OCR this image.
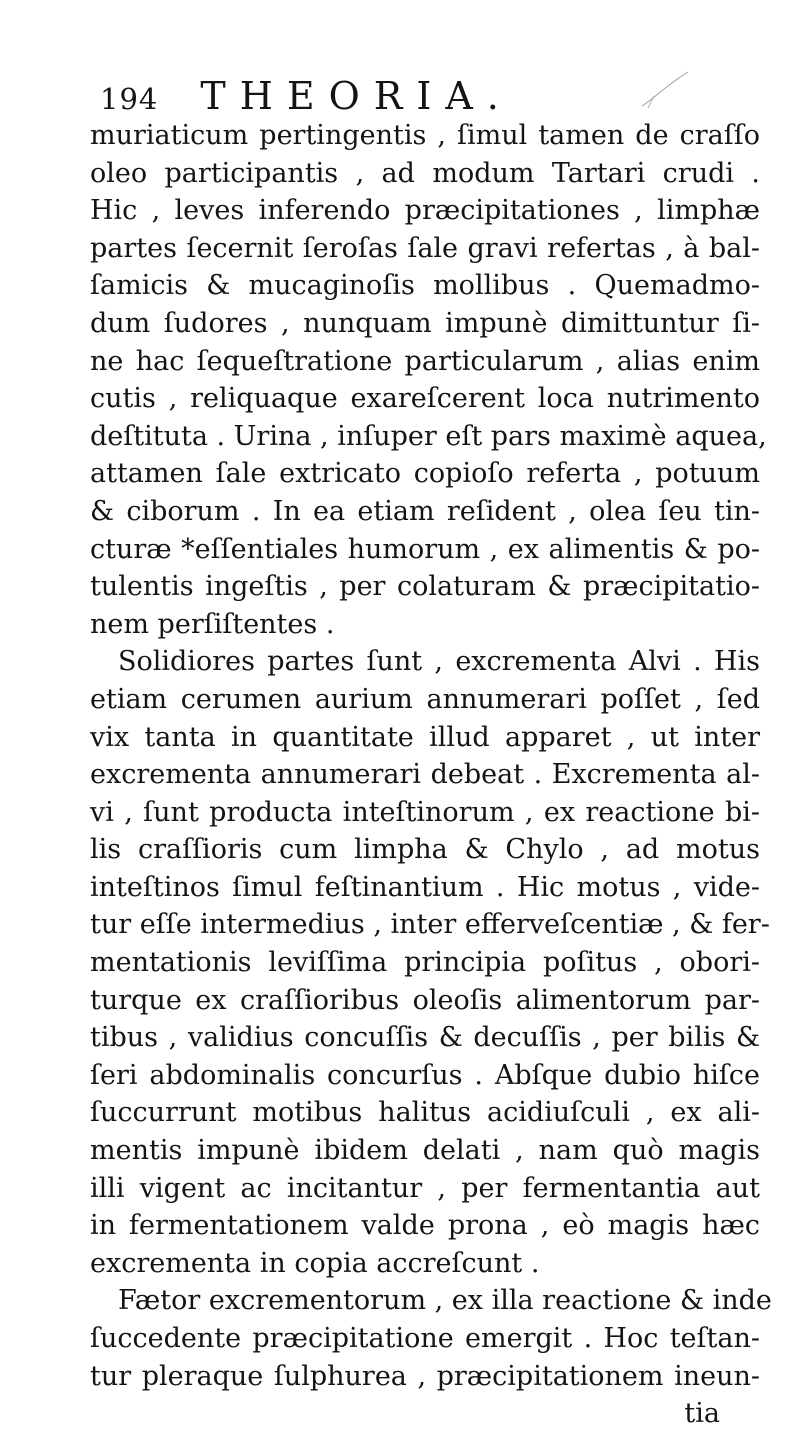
194 THEORIA.
muriaticum pertingentis , ſimul tamen de craſſo
oleo participantis , ad modum Tartari crudi .
Hic , leves inferendo præcipitationes , limphæ
partes ſecernit ſeroſas ſale gravi refertas , à bal-
ſamicis & mucaginoſis mollibus . Quemadmo-
dum ſudores , nunquam impunè dimittuntur ſi-
ne hac ſequeſtratione particularum , alias enim
cutis , reliquaque exareſcerent loca nutrimento
deſtituta . Urina , inſuper eſt pars maximè aquea,
attamen ſale extricato copioſo referta , potuum
& ciborum . In ea etiam reſident , olea ſeu tin-
cturæ *eſſentiales humorum , ex alimentis & po-
tulentis ingeſtis , per colaturam & præcipitatio-
nem perſiſtentes .
Solidiores partes ſunt , excrementa Alvi . His
etiam cerumen aurium annumerari poſſet , ſed
vix tanta in quantitate illud apparet , ut inter
excrementa annumerari debeat . Excrementa al-
vi , ſunt producta inteſtinorum , ex reactione bi-
lis craſſioris cum limpha & Chylo , ad motus
inteſtinos ſimul feſtinantium . Hic motus , vide-
tur eſſe intermedius , inter efferveſcentiæ , & fer-
mentationis leviſſima principia poſitus , obori-
turque ex craſſioribus oleoſis alimentorum par-
tibus , validius concuſſis & decuſſis , per bilis &
ſeri abdominalis concurſus . Abſque dubio hiſce
ſuccurrunt motibus halitus acidiuſculi , ex ali-
mentis impunè ibidem delati , nam quò magis
illi vigent ac incitantur , per fermentantia aut
in fermentationem valde prona , eò magis hæc
excrementa in copia accreſcunt .
Fætor excrementorum , ex illa reactione & inde
ſuccedente præcipitatione emergit . Hoc teſtan-
tur pleraque ſulphurea , præcipitationem ineun-
tia
